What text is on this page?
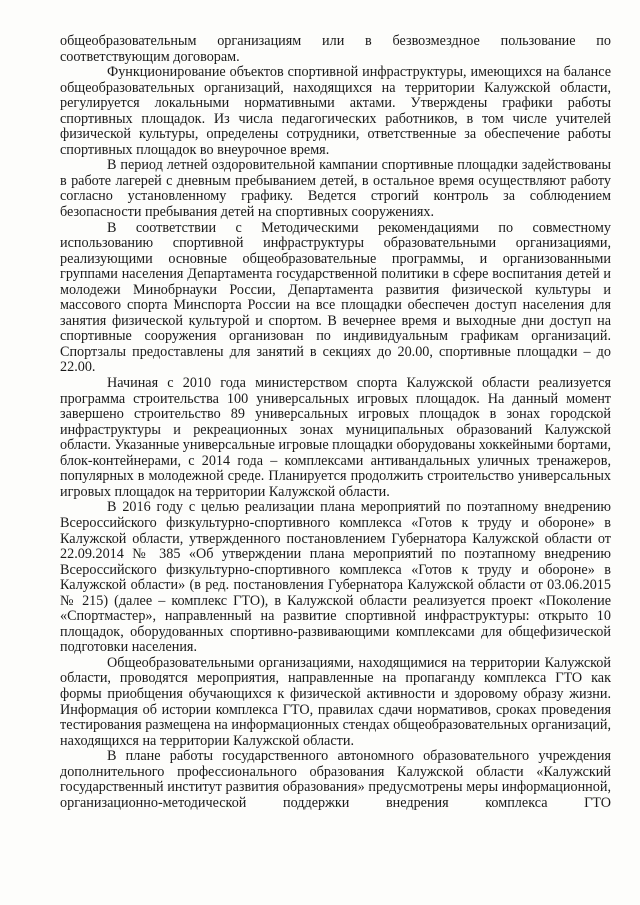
общеобразовательным организациям или в безвозмездное пользование по соответствующим договорам.

Функционирование объектов спортивной инфраструктуры, имеющихся на балансе общеобразовательных организаций, находящихся на территории Калужской области, регулируется локальными нормативными актами. Утверждены графики работы спортивных площадок. Из числа педагогических работников, в том числе учителей физической культуры, определены сотрудники, ответственные за обеспечение работы спортивных площадок во внеурочное время.

В период летней оздоровительной кампании спортивные площадки задействованы в работе лагерей с дневным пребыванием детей, в остальное время осуществляют работу согласно установленному графику. Ведется строгий контроль за соблюдением безопасности пребывания детей на спортивных сооружениях.

В соответствии с Методическими рекомендациями по совместному использованию спортивной инфраструктуры образовательными организациями, реализующими основные общеобразовательные программы, и организованными группами населения Департамента государственной политики в сфере воспитания детей и молодежи Минобрнауки России, Департамента развития физической культуры и массового спорта Минспорта России на все площадки обеспечен доступ населения для занятия физической культурой и спортом. В вечернее время и выходные дни доступ на спортивные сооружения организован по индивидуальным графикам организаций. Спортзалы предоставлены для занятий в секциях до 20.00, спортивные площадки – до 22.00.

Начиная с 2010 года министерством спорта Калужской области реализуется программа строительства 100 универсальных игровых площадок. На данный момент завершено строительство 89 универсальных игровых площадок в зонах городской инфраструктуры и рекреационных зонах муниципальных образований Калужской области. Указанные универсальные игровые площадки оборудованы хоккейными бортами, блок-контейнерами, с 2014 года – комплексами антивандальных уличных тренажеров, популярных в молодежной среде. Планируется продолжить строительство универсальных игровых площадок на территории Калужской области.

В 2016 году с целью реализации плана мероприятий по поэтапному внедрению Всероссийского физкультурно-спортивного комплекса «Готов к труду и обороне» в Калужской области, утвержденного постановлением Губернатора Калужской области от 22.09.2014 № 385 «Об утверждении плана мероприятий по поэтапному внедрению Всероссийского физкультурно-спортивного комплекса «Готов к труду и обороне» в Калужской области» (в ред. постановления Губернатора Калужской области от 03.06.2015 № 215) (далее – комплекс ГТО), в Калужской области реализуется проект «Поколение «Спортмастер», направленный на развитие спортивной инфраструктуры: открыто 10 площадок, оборудованных спортивно-развивающими комплексами для общефизической подготовки населения.

Общеобразовательными организациями, находящимися на территории Калужской области, проводятся мероприятия, направленные на пропаганду комплекса ГТО как формы приобщения обучающихся к физической активности и здоровому образу жизни. Информация об истории комплекса ГТО, правилах сдачи нормативов, сроках проведения тестирования размещена на информационных стендах общеобразовательных организаций, находящихся на территории Калужской области.

В плане работы государственного автономного образовательного учреждения дополнительного профессионального образования Калужской области «Калужский государственный институт развития образования» предусмотрены меры информационной, организационно-методической поддержки внедрения комплекса ГТО
